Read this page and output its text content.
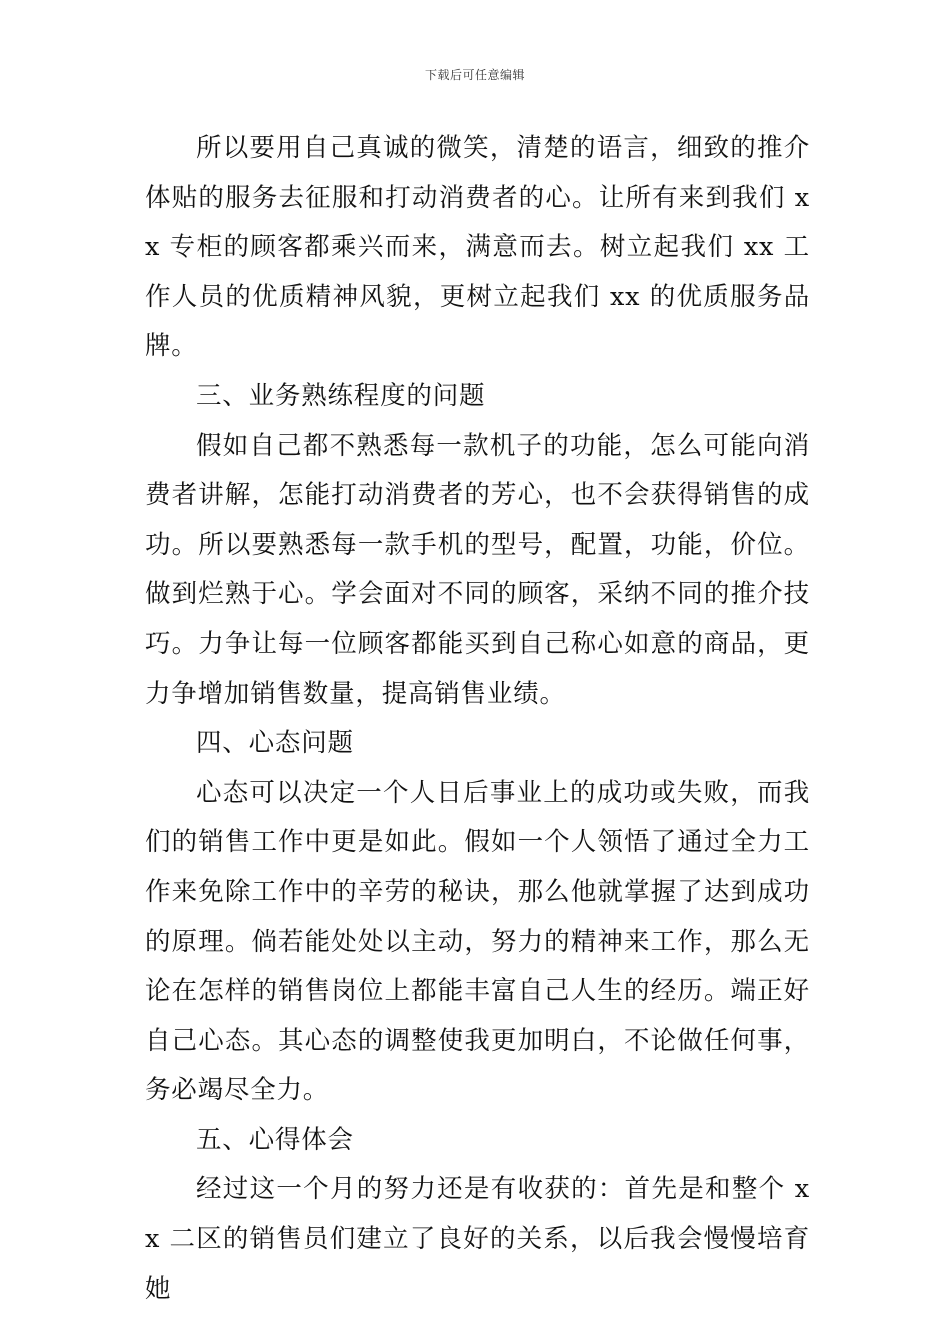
下载后可任意编辑

所以要用自己真诚的微笑，清楚的语言，细致的推介体贴的服务去征服和打动消费者的心。让所有来到我们 xx 专柜的顾客都乘兴而来，满意而去。树立起我们 xx 工作人员的优质精神风貌，更树立起我们 xx 的优质服务品牌。

三、业务熟练程度的问题

假如自己都不熟悉每一款机子的功能，怎么可能向消费者讲解，怎能打动消费者的芳心，也不会获得销售的成功。所以要熟悉每一款手机的型号，配置，功能，价位。做到烂熟于心。学会面对不同的顾客，采纳不同的推介技巧。力争让每一位顾客都能买到自己称心如意的商品，更力争增加销售数量，提高销售业绩。

四、心态问题

心态可以决定一个人日后事业上的成功或失败，而我们的销售工作中更是如此。假如一个人领悟了通过全力工作来免除工作中的辛劳的秘诀，那么他就掌握了达到成功的原理。倘若能处处以主动，努力的精神来工作，那么无论在怎样的销售岗位上都能丰富自己人生的经历。端正好自己心态。其心态的调整使我更加明白，不论做任何事，务必竭尽全力。

五、心得体会

经过这一个月的努力还是有收获的：首先是和整个 xx 二区的销售员们建立了良好的关系，以后我会慢慢培育她
